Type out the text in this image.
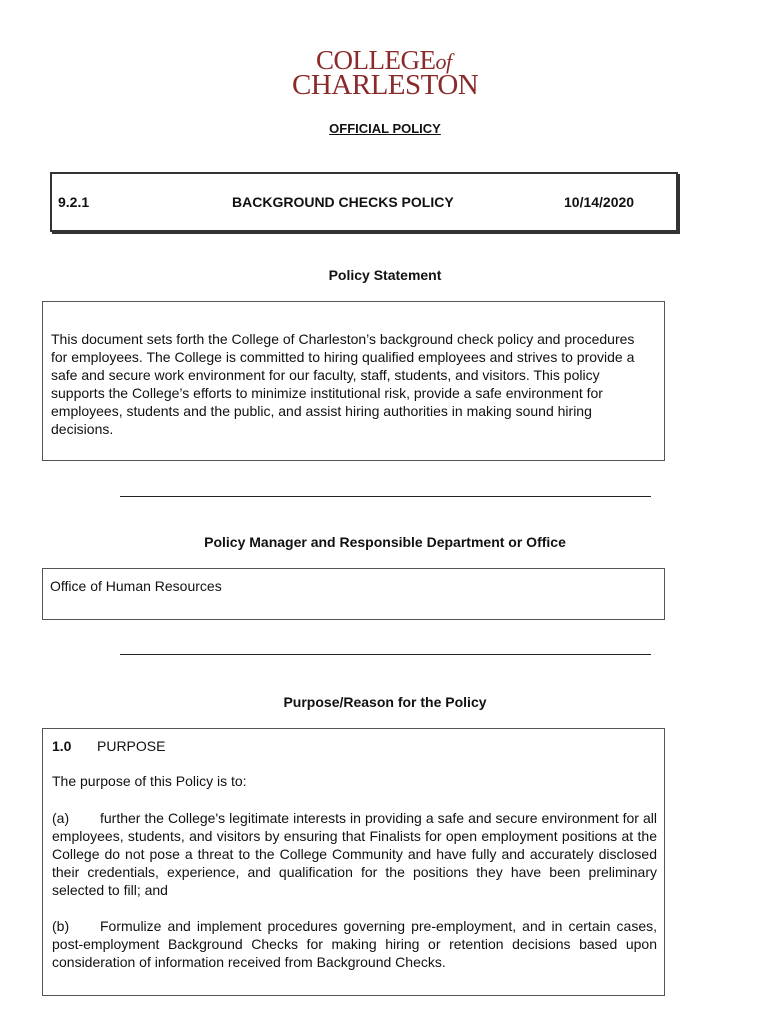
COLLEGEof
CHARLESTON
OFFICIAL POLICY
9.2.1	BACKGROUND CHECKS POLICY	10/14/2020
Policy Statement
This document sets forth the College of Charleston’s background check policy and procedures for employees. The College is committed to hiring qualified employees and strives to provide a safe and secure work environment for our faculty, staff, students, and visitors. This policy supports the College’s efforts to minimize institutional risk, provide a safe environment for employees, students and the public, and assist hiring authorities in making sound hiring decisions.
Policy Manager and Responsible Department or Office
Office of Human Resources
Purpose/Reason for the Policy
1.0 PURPOSE
The purpose of this Policy is to:
(a) further the College's legitimate interests in providing a safe and secure environment for all employees, students, and visitors by ensuring that Finalists for open employment positions at the College do not pose a threat to the College Community and have fully and accurately disclosed their credentials, experience, and qualification for the positions they have been preliminary selected to fill; and
(b) Formulize and implement procedures governing pre-employment, and in certain cases, post-employment Background Checks for making hiring or retention decisions based upon consideration of information received from Background Checks.
